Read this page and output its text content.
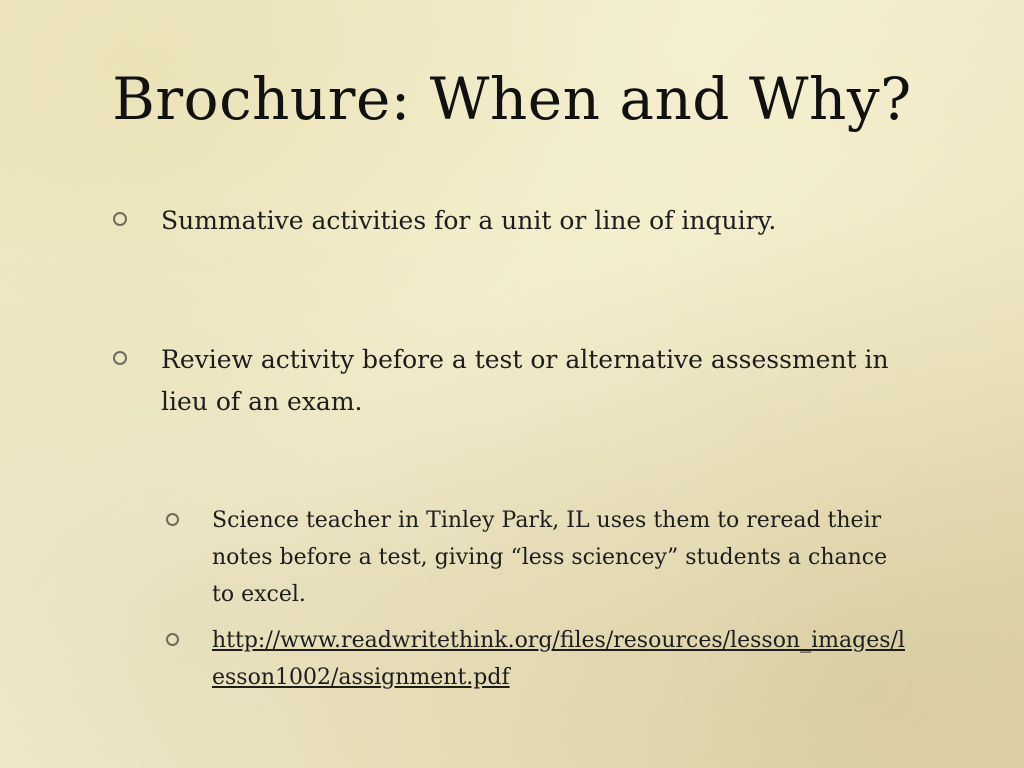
Brochure: When and Why?
Summative activities for a unit or line of inquiry.
Review activity before a test or alternative assessment in lieu of an exam.
Science teacher in Tinley Park, IL uses them to reread their notes before a test, giving “less sciencey” students a chance to excel.
http://www.readwritethink.org/files/resources/lesson_images/lesson1002/assignment.pdf
